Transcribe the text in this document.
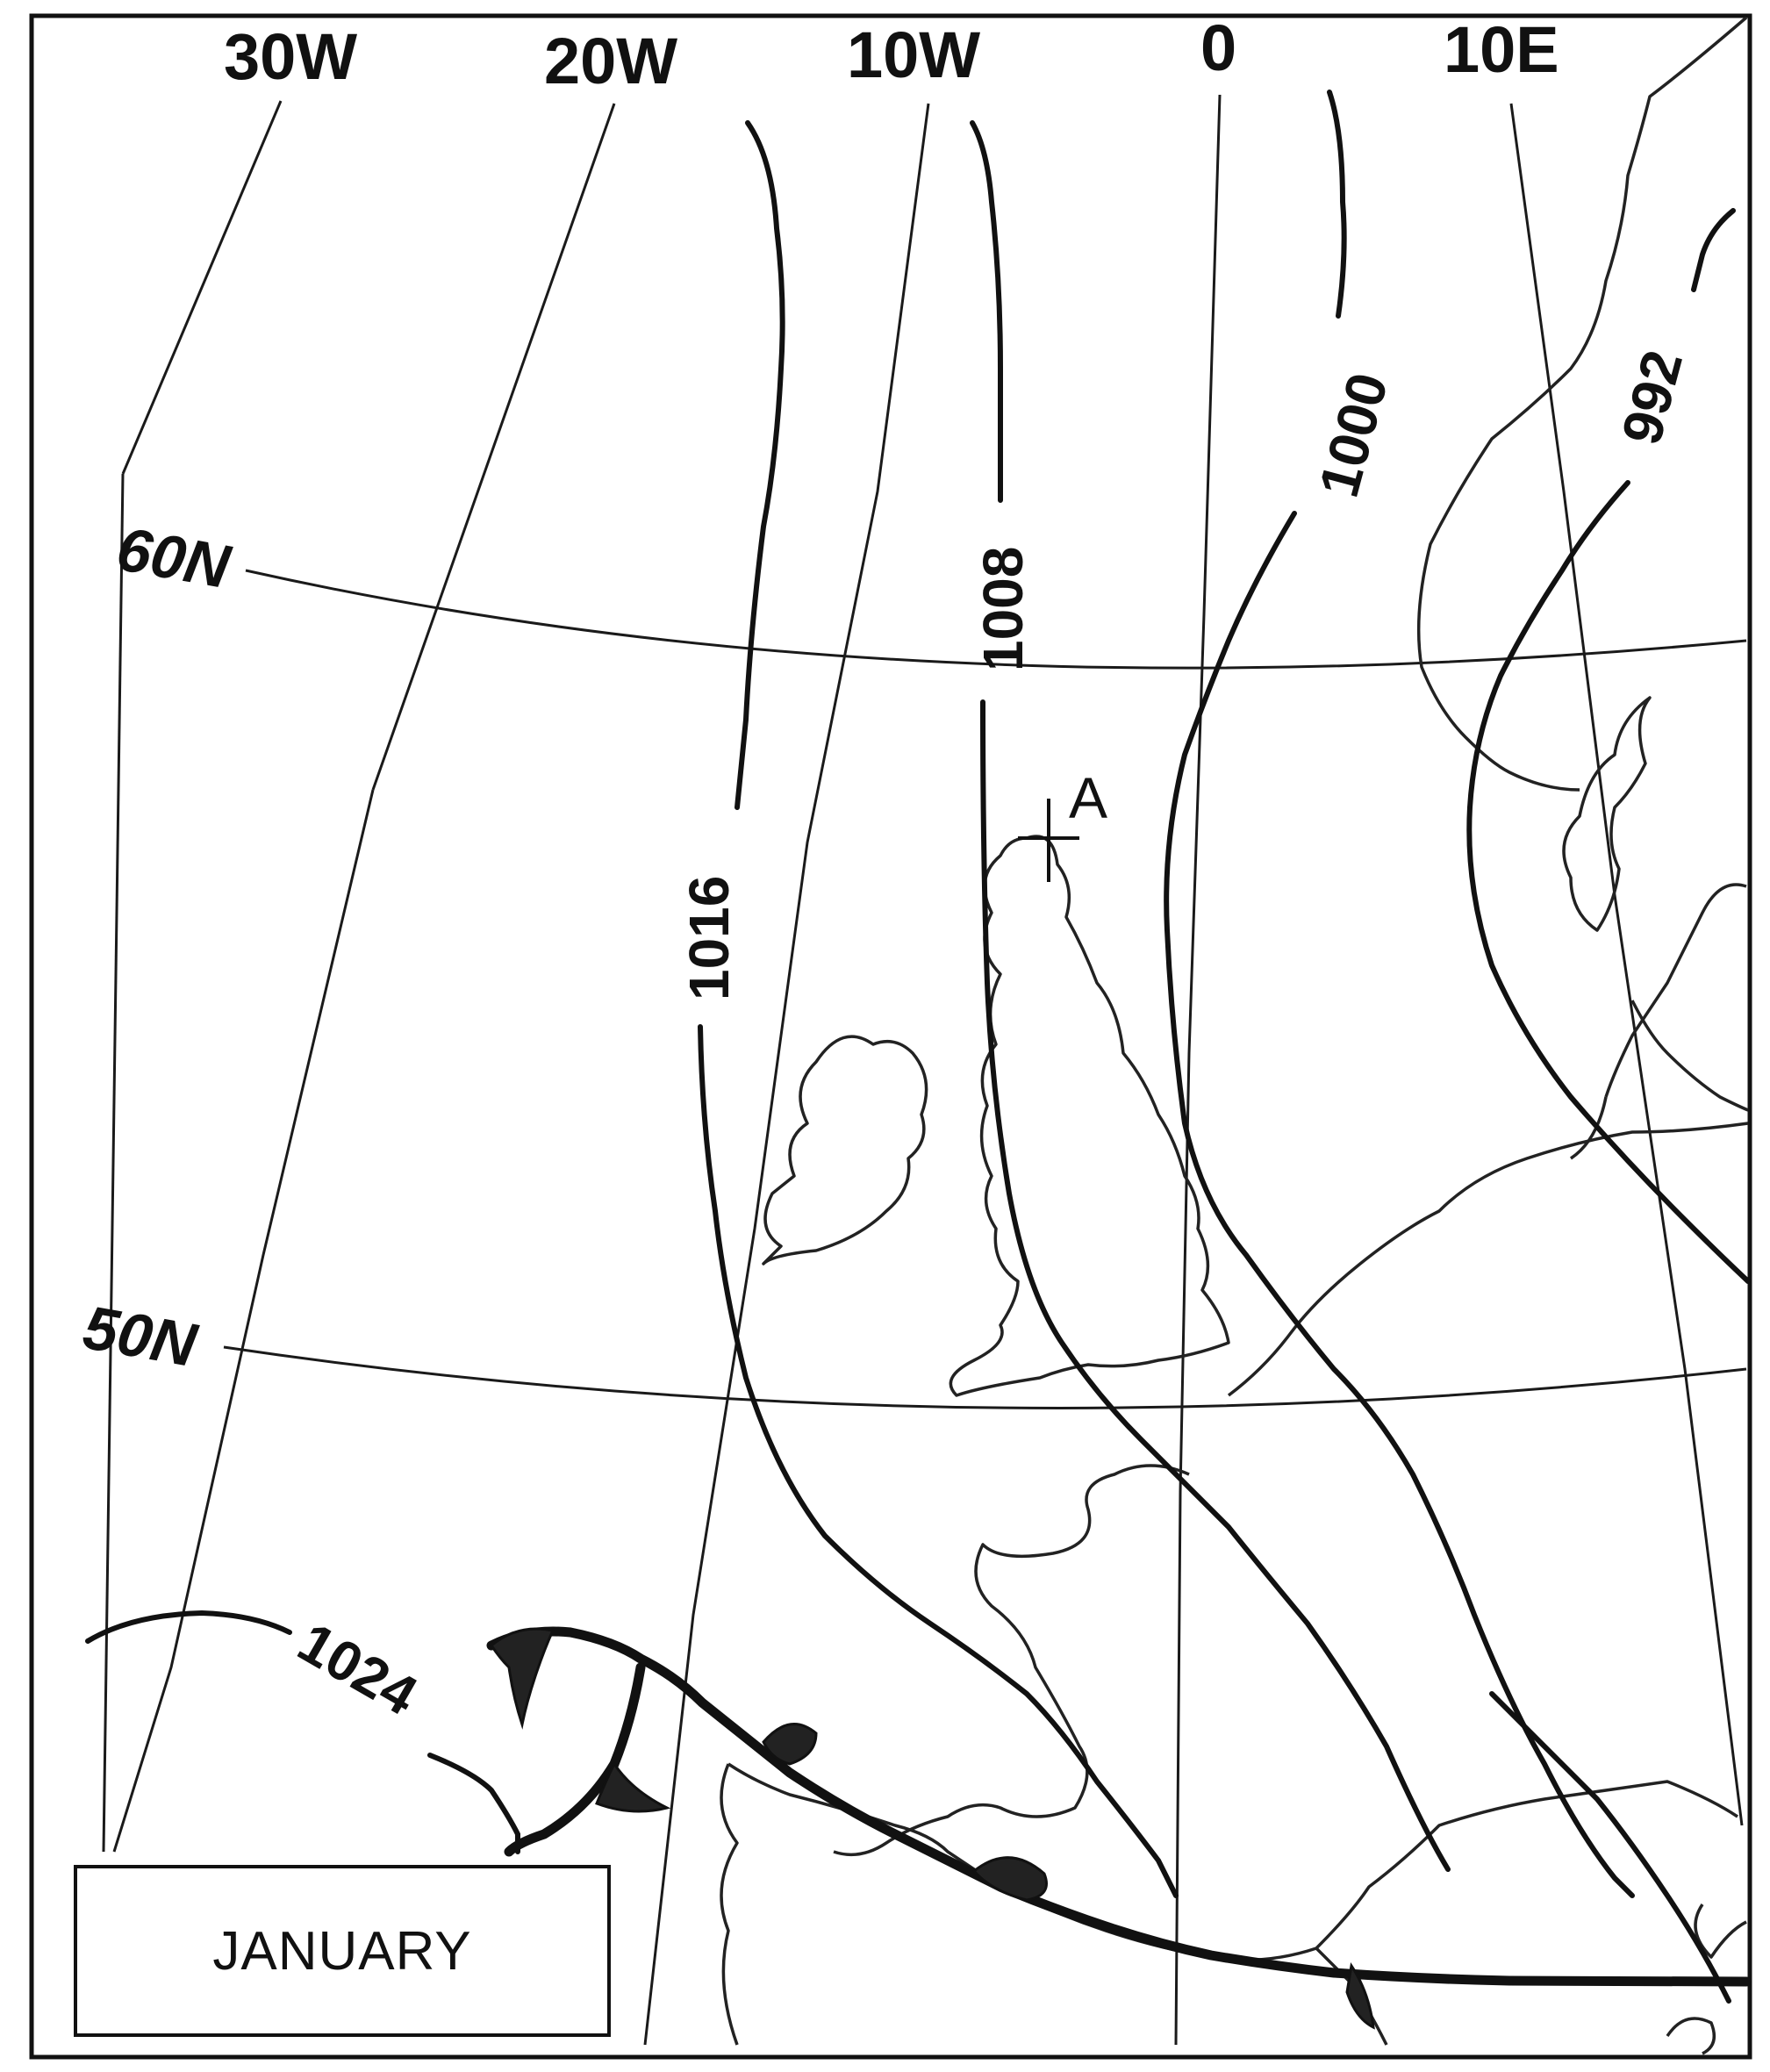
30W	20W	10W	0	10E
60N
50N
1024
1016
1008
1000	992
A
JANUARY
